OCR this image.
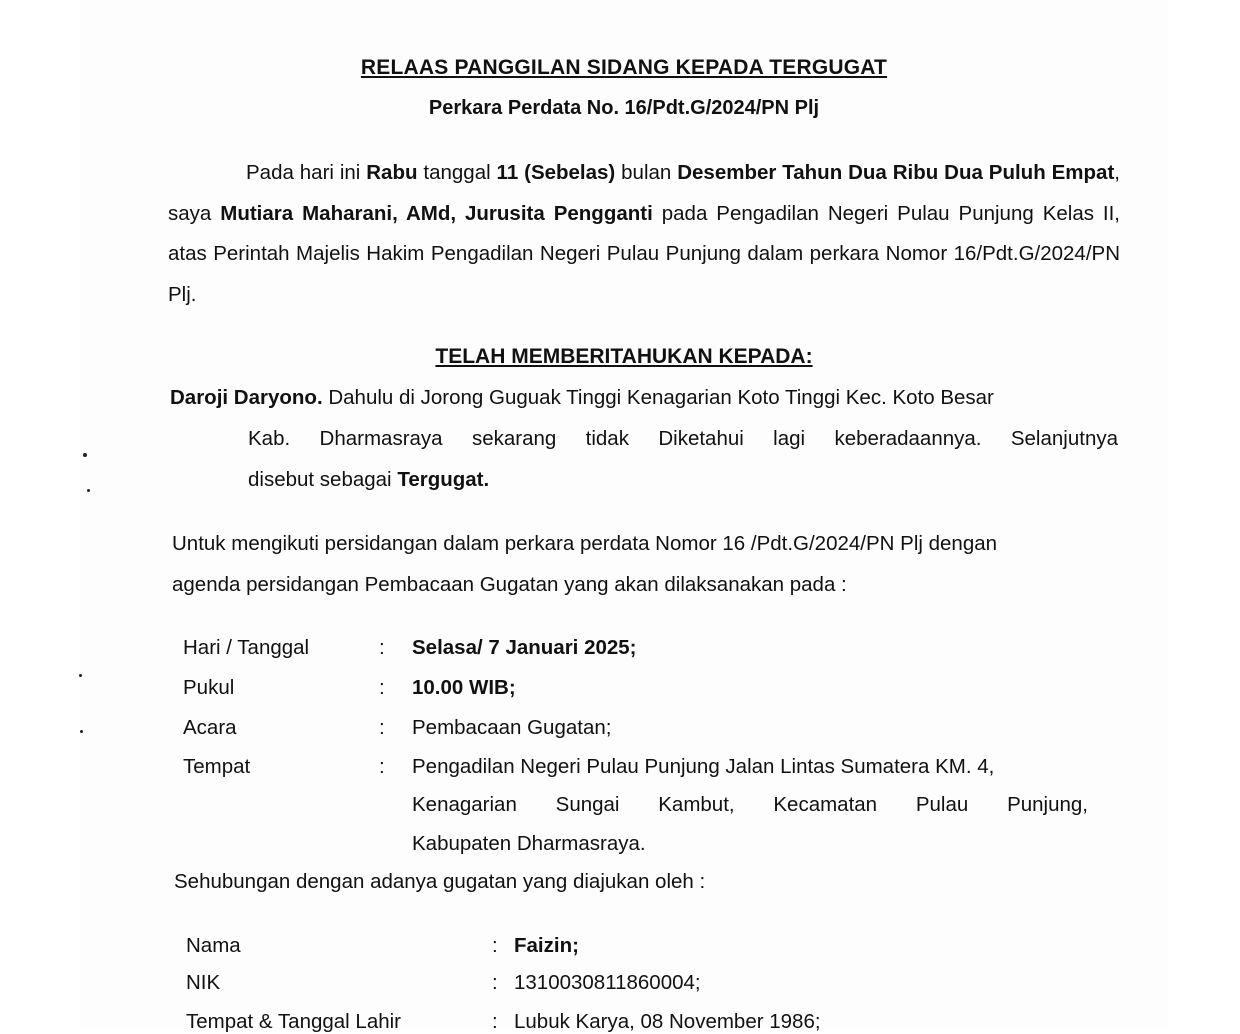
RELAAS PANGGILAN SIDANG KEPADA TERGUGAT
Perkara Perdata No. 16/Pdt.G/2024/PN Plj
Pada hari ini Rabu tanggal 11 (Sebelas) bulan Desember Tahun Dua Ribu Dua Puluh Empat, saya Mutiara Maharani, AMd, Jurusita Pengganti pada Pengadilan Negeri Pulau Punjung Kelas II, atas Perintah Majelis Hakim Pengadilan Negeri Pulau Punjung dalam perkara Nomor 16/Pdt.G/2024/PN Plj.
TELAH MEMBERITAHUKAN KEPADA:
Daroji Daryono. Dahulu di Jorong Guguak Tinggi Kenagarian Koto Tinggi Kec. Koto Besar
Kab. Dharmasraya sekarang tidak Diketahui lagi keberadaannya. Selanjutnya
disebut sebagai Tergugat.
Untuk mengikuti persidangan dalam perkara perdata Nomor 16 /Pdt.G/2024/PN Plj dengan
agenda persidangan Pembacaan Gugatan yang akan dilaksanakan pada :
Hari / Tanggal	: Selasa/ 7 Januari 2025;
Pukul	: 10.00 WIB;
Acara	: Pembacaan Gugatan;
Tempat	: Pengadilan Negeri Pulau Punjung Jalan Lintas Sumatera KM. 4,
Kenagarian Sungai Kambut, Kecamatan Pulau Punjung,
Kabupaten Dharmasraya.
Sehubungan dengan adanya gugatan yang diajukan oleh :
Nama	: Faizin;
NIK	: 1310030811860004;
Tempat & Tanggal Lahir	: Lubuk Karya, 08 November 1986;
